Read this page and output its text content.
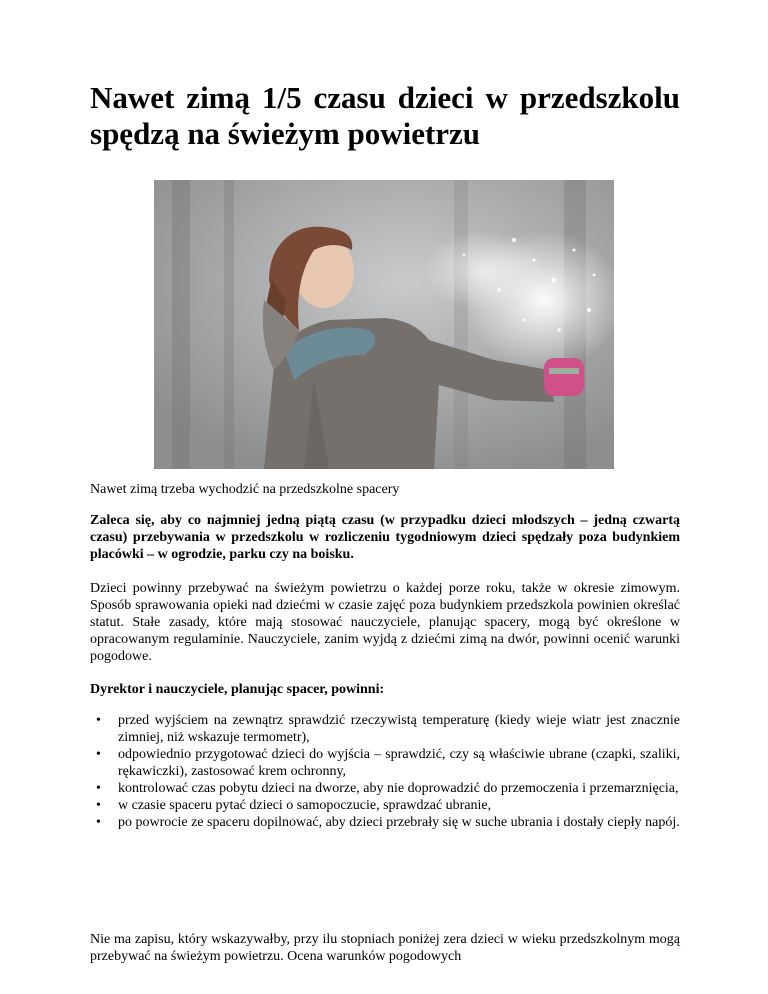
Nawet zimą 1/5 czasu dzieci w przedszkolu spędzą na świeżym powietrzu
Nawet zimą trzeba wychodzić na przedszkolne spacery

Zaleca się, aby co najmniej jedną piątą czasu (w przypadku dzieci młodszych – jedną czwartą czasu) przebywania w przedszkolu w rozliczeniu tygodniowym dzieci spędzały poza budynkiem placówki – w ogrodzie, parku czy na boisku.

Dzieci powinny przebywać na świeżym powietrzu o każdej porze roku, także w okresie zimowym. Sposób sprawowania opieki nad dziećmi w czasie zajęć poza budynkiem przedszkola powinien określać statut. Stałe zasady, które mają stosować nauczyciele, planując spacery, mogą być określone w opracowanym regulaminie. Nauczyciele, zanim wyjdą z dziećmi zimą na dwór, powinni ocenić warunki pogodowe.

Dyrektor i nauczyciele, planując spacer, powinni:
• przed wyjściem na zewnątrz sprawdzić rzeczywistą temperaturę (kiedy wieje wiatr jest znacznie zimniej, niż wskazuje termometr),
• odpowiednio przygotować dzieci do wyjścia – sprawdzić, czy są właściwie ubrane (czapki, szaliki, rękawiczki), zastosować krem ochronny,
• kontrolować czas pobytu dzieci na dworze, aby nie doprowadzić do przemoczenia i przemarznięcia,
• w czasie spaceru pytać dzieci o samopoczucie, sprawdzać ubranie,
• po powrocie ze spaceru dopilnować, aby dzieci przebrały się w suche ubrania i dostały ciepły napój.

Nie ma zapisu, który wskazywałby, przy ilu stopniach poniżej zera dzieci w wieku przedszkolnym mogą przebywać na świeżym powietrzu. Ocena warunków pogodowych
